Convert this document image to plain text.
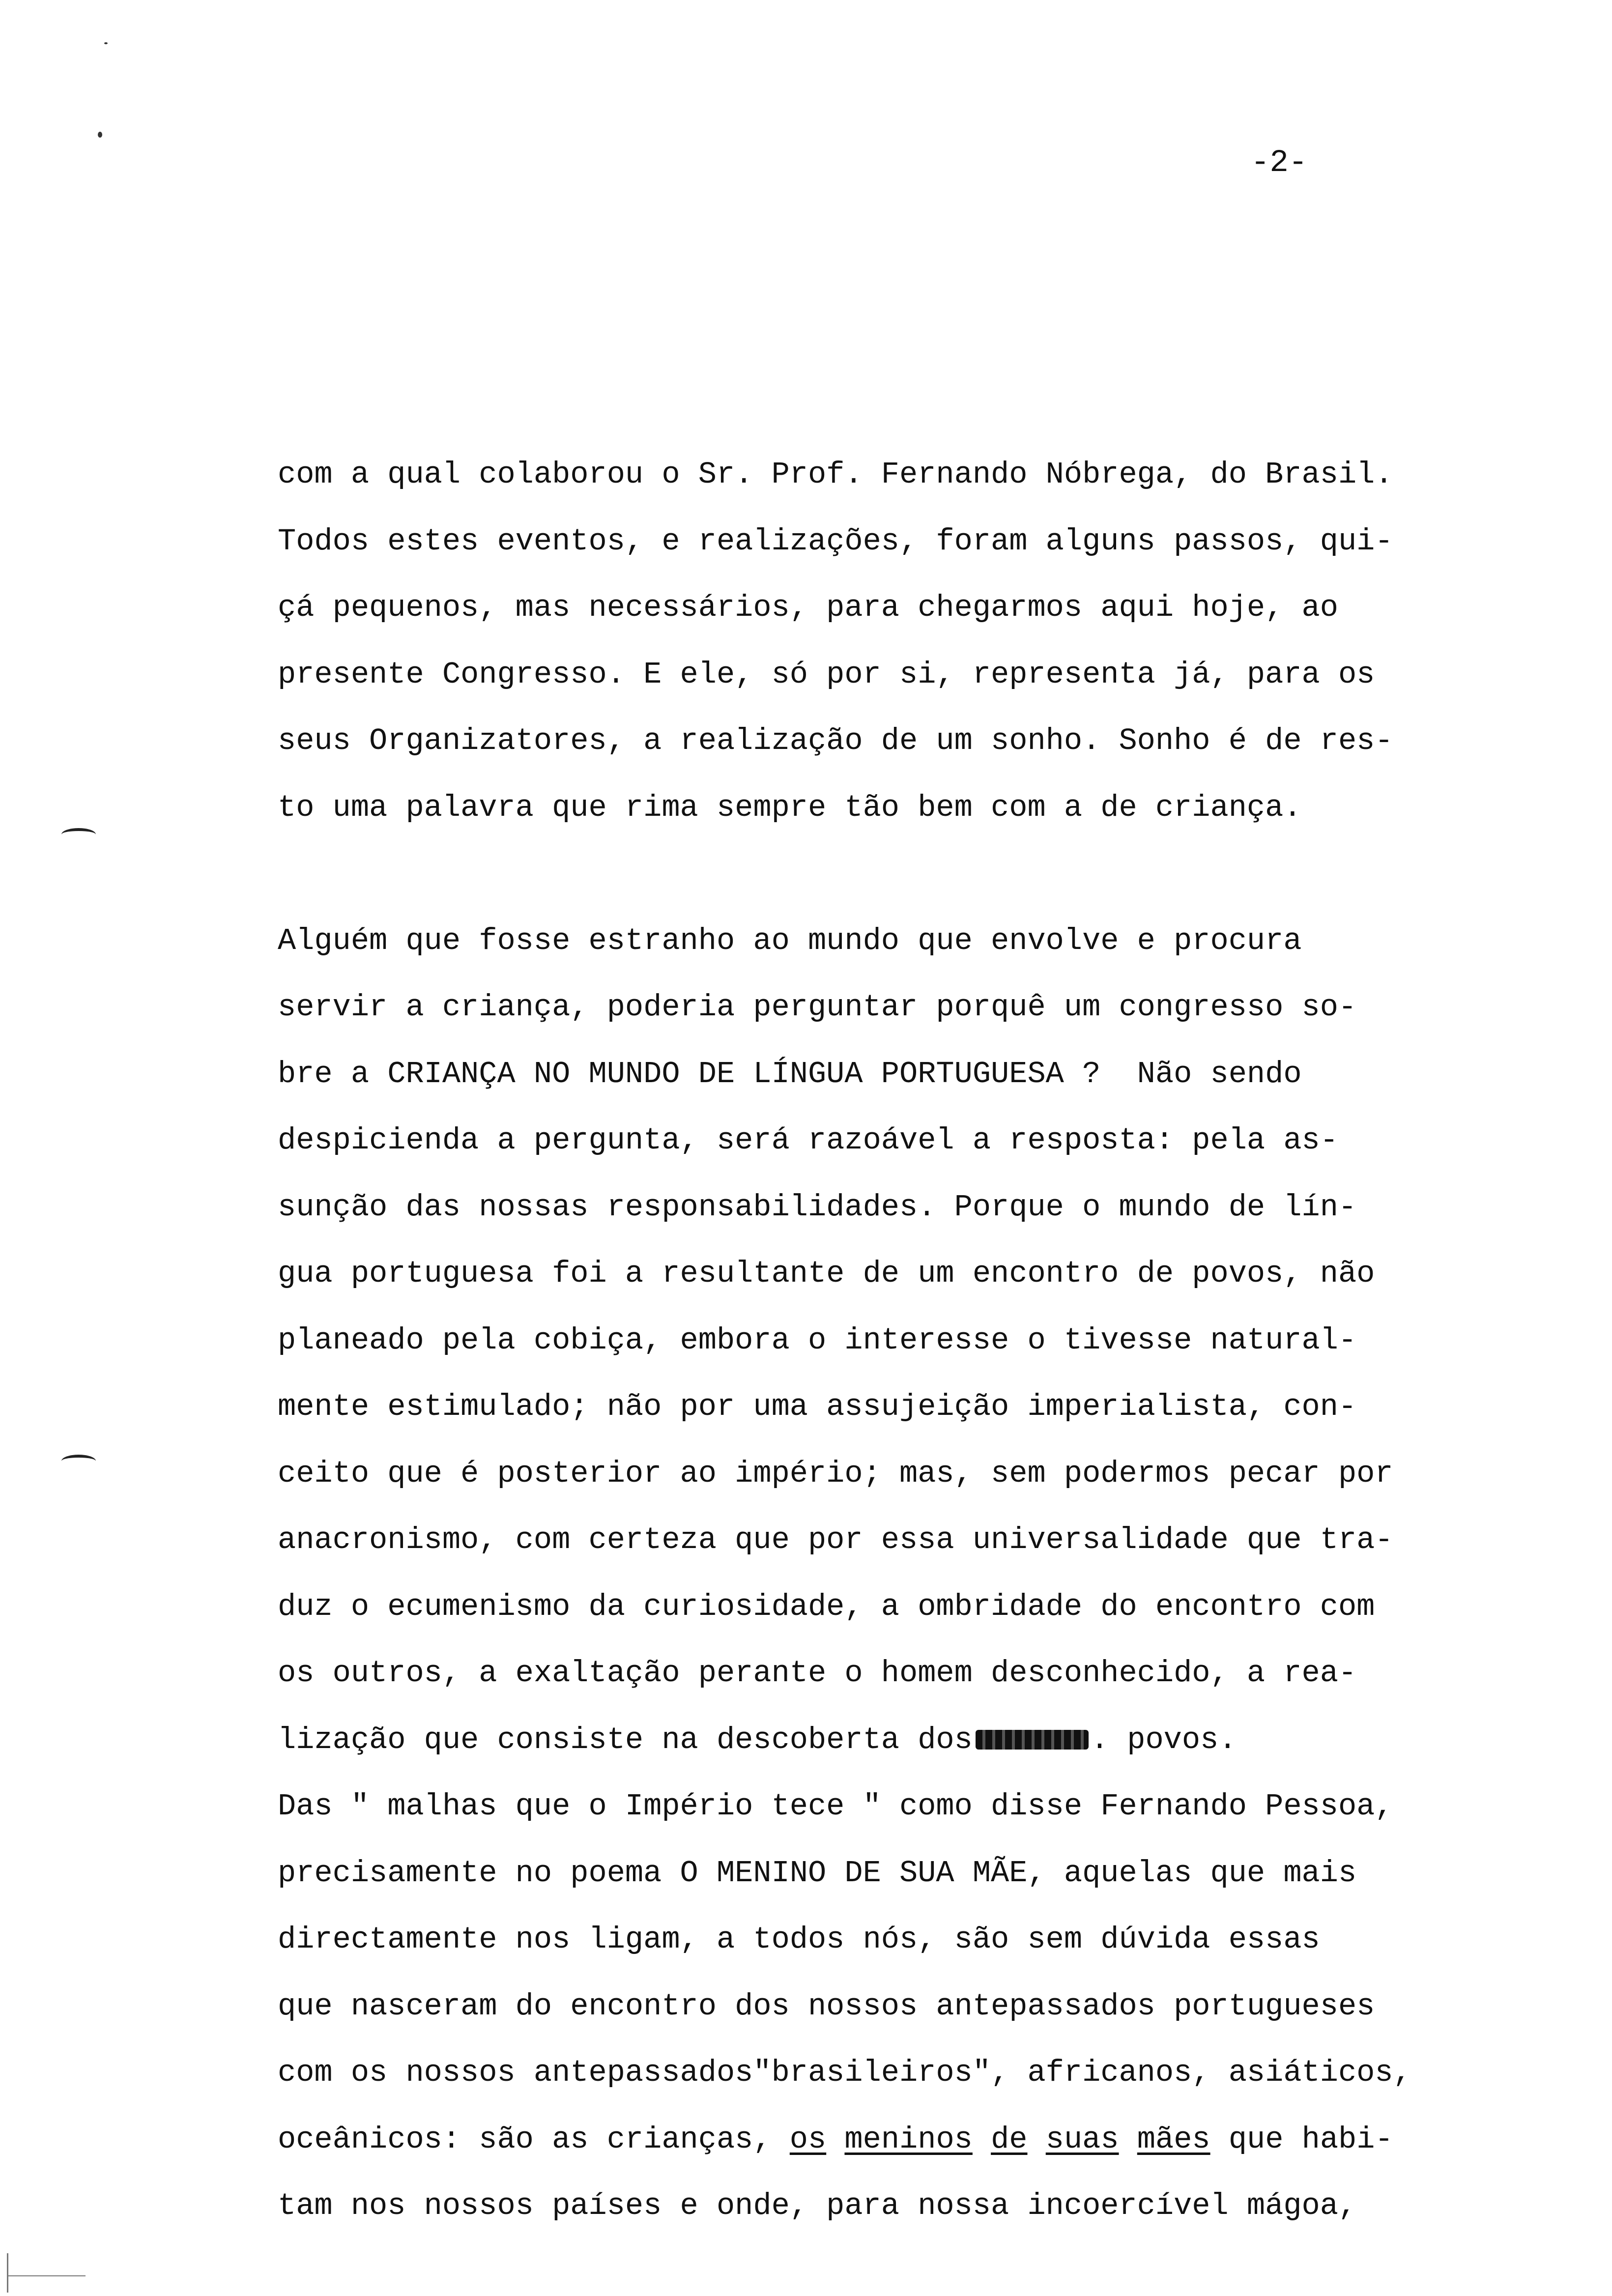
-2-
com a qual colaborou o Sr. Prof. Fernando Nóbrega, do Brasil.
Todos estes eventos, e realizações, foram alguns passos, qui-
çá pequenos, mas necessários, para chegarmos aqui hoje, ao
presente Congresso. E ele, só por si, representa já, para os
seus Organizatores, a realização de um sonho. Sonho é de res-
to uma palavra que rima sempre tão bem com a de criança.
Alguém que fosse estranho ao mundo que envolve e procura
servir a criança, poderia perguntar porquê um congresso so-
bre a CRIANÇA NO MUNDO DE LÍNGUA PORTUGUESA ?  Não sendo
despicienda a pergunta, será razoável a resposta: pela as-
sunção das nossas responsabilidades. Porque o mundo de lín-
gua portuguesa foi a resultante de um encontro de povos, não
planeado pela cobiça, embora o interesse o tivesse natural-
mente estimulado; não por uma assujeição imperialista, con-
ceito que é posterior ao império; mas, sem podermos pecar por
anacronismo, com certeza que por essa universalidade que tra-
duz o ecumenismo da curiosidade, a ombridade do encontro com
os outros, a exaltação perante o homem desconhecido, a rea-
lização que consiste na descoberta dos	. povos.
Das " malhas que o Império tece " como disse Fernando Pessoa,
precisamente no poema O MENINO DE SUA MÃE, aquelas que mais
directamente nos ligam, a todos nós, são sem dúvida essas
que nasceram do encontro dos nossos antepassados portugueses
com os nossos antepassados"brasileiros", africanos, asiáticos,
oceânicos: são as crianças, os meninos de suas mães que habi-
tam nos nossos países e onde, para nossa incoercível mágoa,
